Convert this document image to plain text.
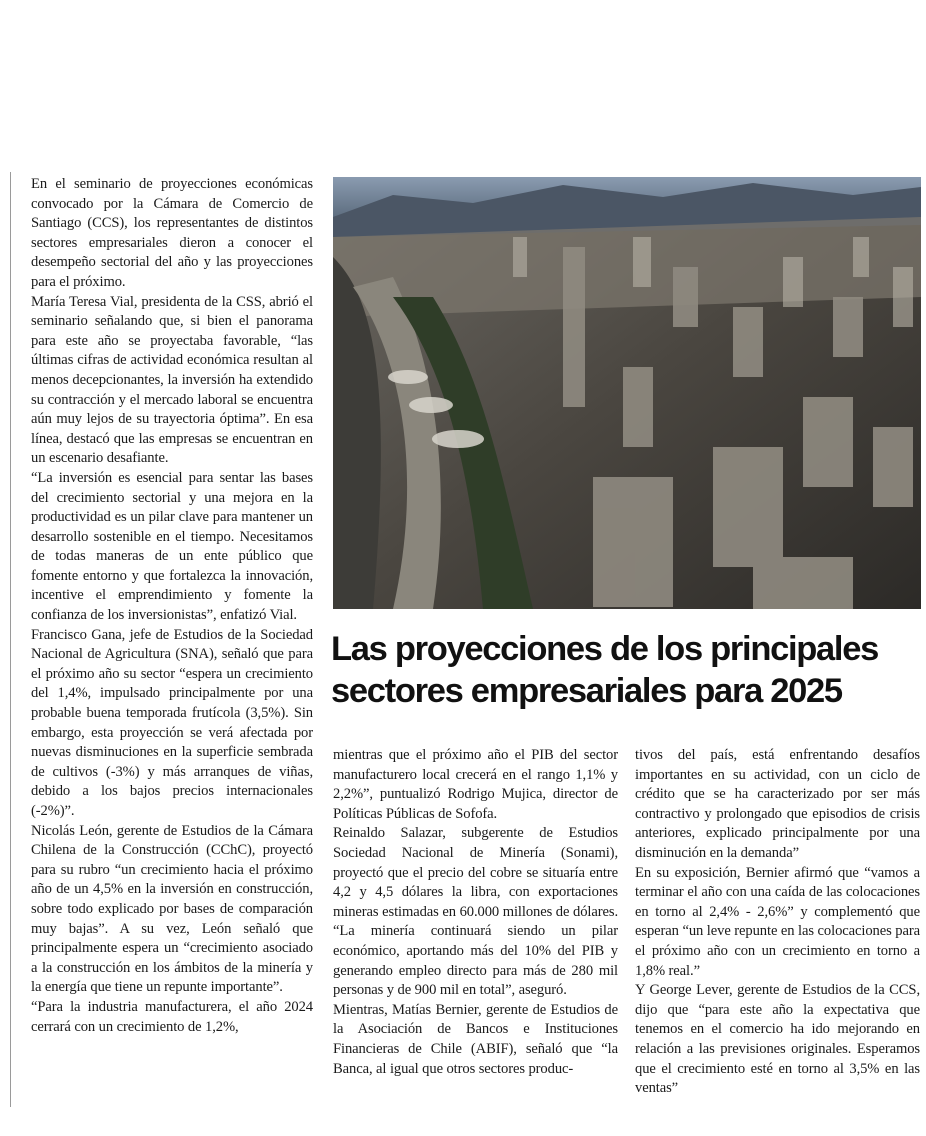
En el seminario de proyecciones económicas convocado por la Cámara de Comercio de Santiago (CCS), los representantes de distintos sectores empresariales dieron a conocer el desempeño sectorial del año y las proyecciones para el próximo.

María Teresa Vial, presidenta de la CSS, abrió el seminario señalando que, si bien el panorama para este año se proyectaba favorable, “las últimas cifras de actividad económica resultan al menos decepcionantes, la inversión ha extendido su contracción y el mercado laboral se encuentra aún muy lejos de su trayectoria óptima”. En esa línea, destacó que las empresas se encuentran en un escenario desafiante.

“La inversión es esencial para sentar las bases del crecimiento sectorial y una mejora en la productividad es un pilar clave para mantener un desarrollo sostenible en el tiempo. Necesitamos de todas maneras de un ente público que fomente entorno y que fortalezca la innovación, incentive el emprendimiento y fomente la confianza de los inversionistas”, enfatizó Vial.

Francisco Gana, jefe de Estudios de la Sociedad Nacional de Agricultura (SNA), señaló que para el próximo año su sector “espera un crecimiento del 1,4%, impulsado principalmente por una probable buena temporada frutícola (3,5%). Sin embargo, esta proyección se verá afectada por nuevas disminuciones en la superficie sembrada de cultivos (-3%) y más arranques de viñas, debido a los bajos precios internacionales (-2%)”.

Nicolás León, gerente de Estudios de la Cámara Chilena de la Construcción (CChC), proyectó para su rubro “un crecimiento hacia el próximo año de un 4,5% en la inversión en construcción, sobre todo explicado por bases de comparación muy bajas”. A su vez, León señaló que principalmente espera un “crecimiento asociado a la construcción en los ámbitos de la minería y la energía que tiene un repunte importante”.

“Para la industria manufacturera, el año 2024 cerrará con un crecimiento de 1,2%,

Las proyecciones de los principales
sectores empresariales para 2025

mientras que el próximo año el PIB del sector manufacturero local crecerá en el rango 1,1% y 2,2%”, puntualizó Rodrigo Mujica, director de Políticas Públicas de Sofofa.

Reinaldo Salazar, subgerente de Estudios Sociedad Nacional de Minería (Sonami), proyectó que el precio del cobre se situaría entre 4,2 y 4,5 dólares la libra, con exportaciones mineras estimadas en 60.000 millones de dólares. “La minería continuará siendo un pilar económico, aportando más del 10% del PIB y generando empleo directo para más de 280 mil personas y de 900 mil en total”, aseguró.

Mientras, Matías Bernier, gerente de Estudios de la Asociación de Bancos e Instituciones Financieras de Chile (ABIF), señaló que “la Banca, al igual que otros sectores produc-

tivos del país, está enfrentando desafíos importantes en su actividad, con un ciclo de crédito que se ha caracterizado por ser más contractivo y prolongado que episodios de crisis anteriores, explicado principalmente por una disminución en la demanda”

En su exposición, Bernier afirmó que “vamos a terminar el año con una caída de las colocaciones en torno al 2,4% - 2,6%” y complementó que esperan “un leve repunte en las colocaciones para el próximo año con un crecimiento en torno a 1,8% real.”

Y George Lever, gerente de Estudios de la CCS, dijo que “para este año la expectativa que tenemos en el comercio ha ido mejorando en relación a las previsiones originales. Esperamos que el crecimiento esté en torno al 3,5% en las ventas”
